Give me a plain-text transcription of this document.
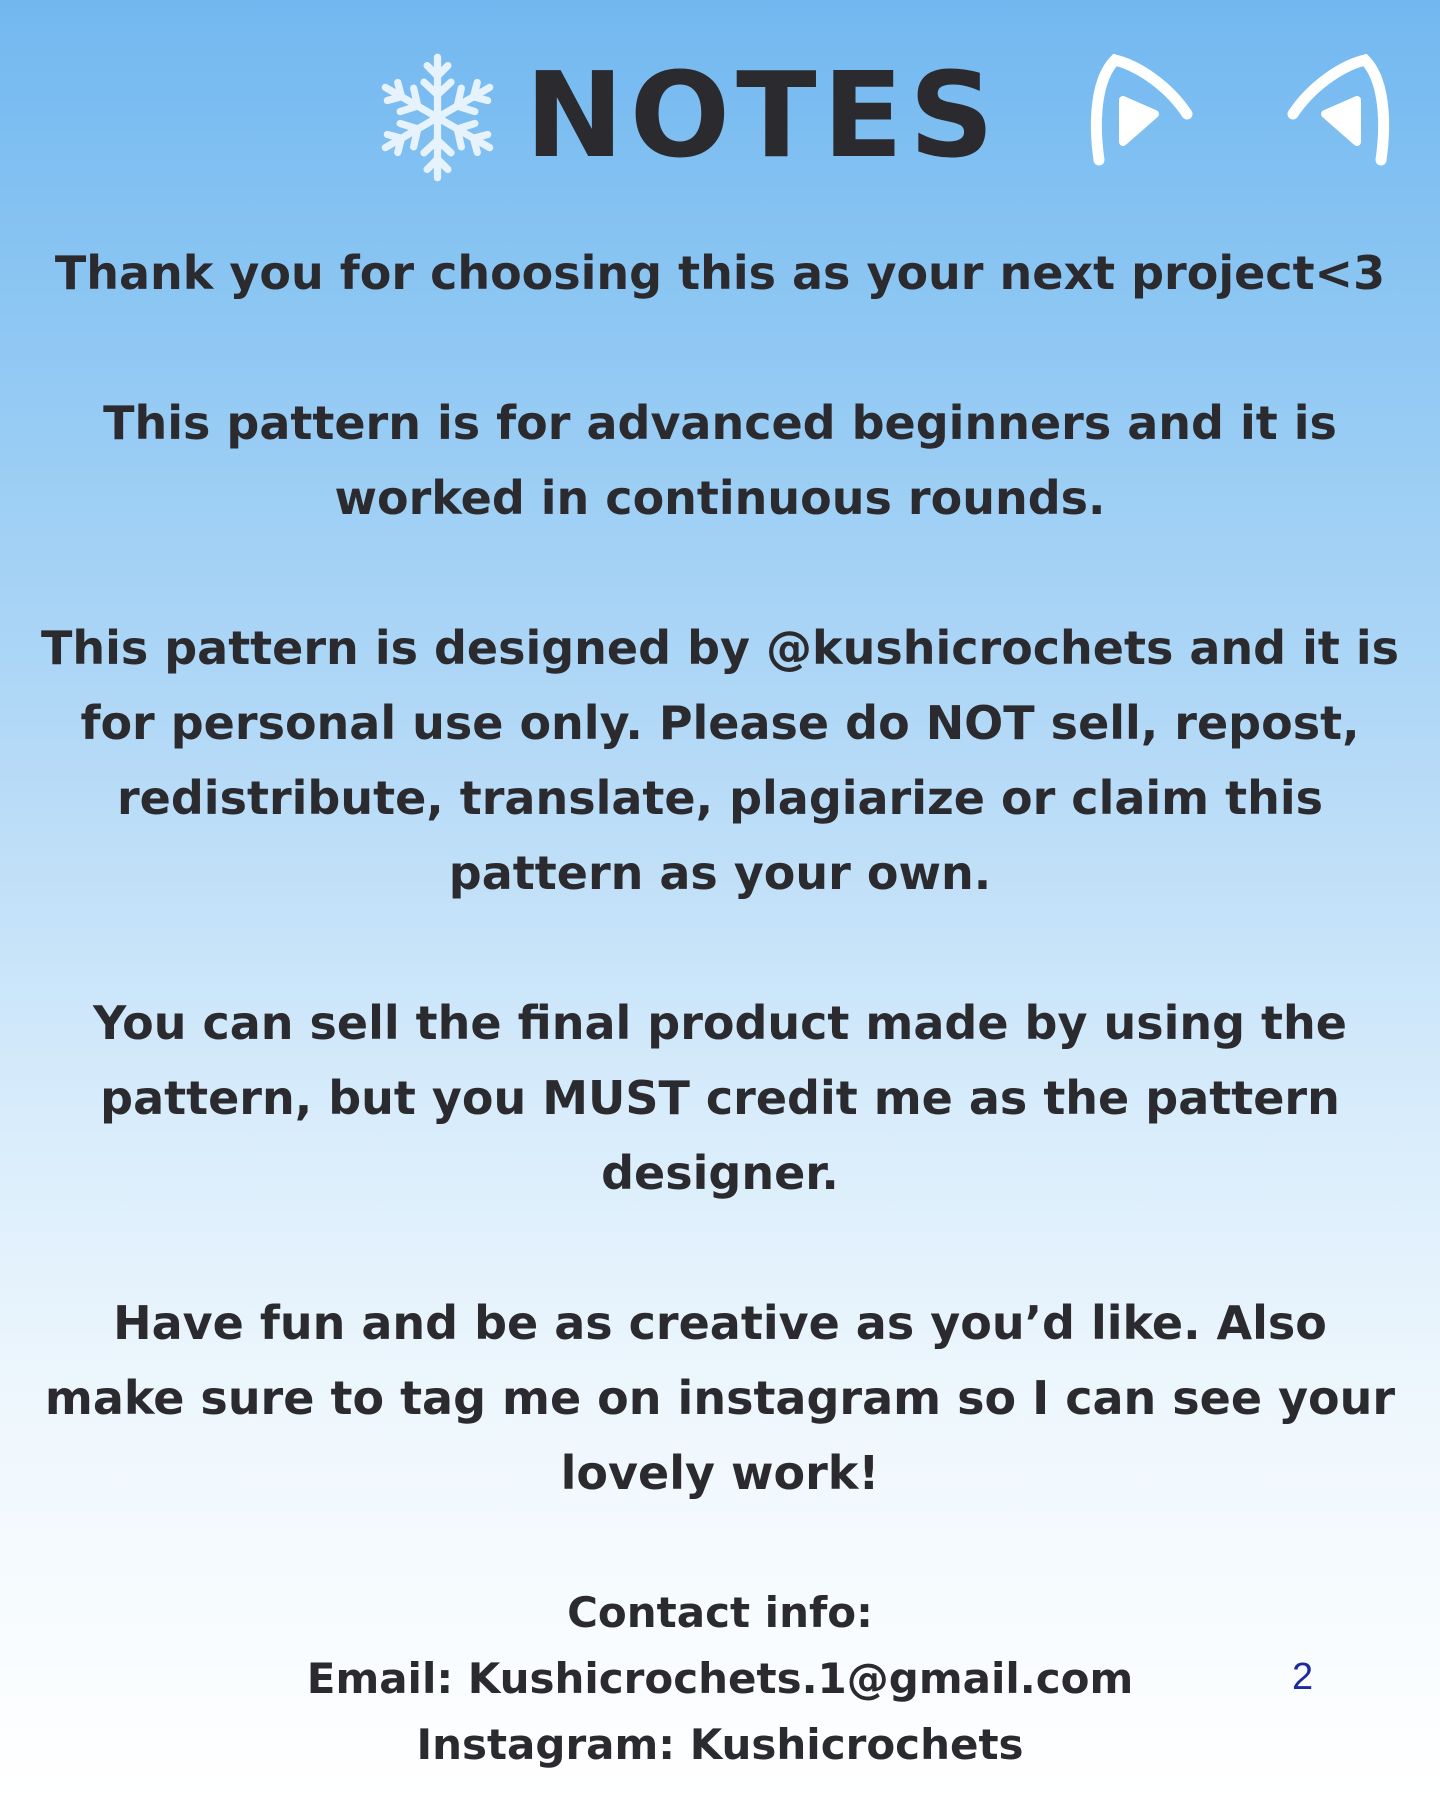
NOTES

Thank you for choosing this as your next project<3

This pattern is for advanced beginners and it is worked in continuous rounds.

This pattern is designed by @kushicrochets and it is for personal use only. Please do NOT sell, repost, redistribute, translate, plagiarize or claim this pattern as your own.

You can sell the final product made by using the pattern, but you MUST credit me as the pattern designer.

Have fun and be as creative as you’d like. Also make sure to tag me on instagram so I can see your lovely work!

Contact info:
Email: Kushicrochets.1@gmail.com
Instagram: Kushicrochets
2
